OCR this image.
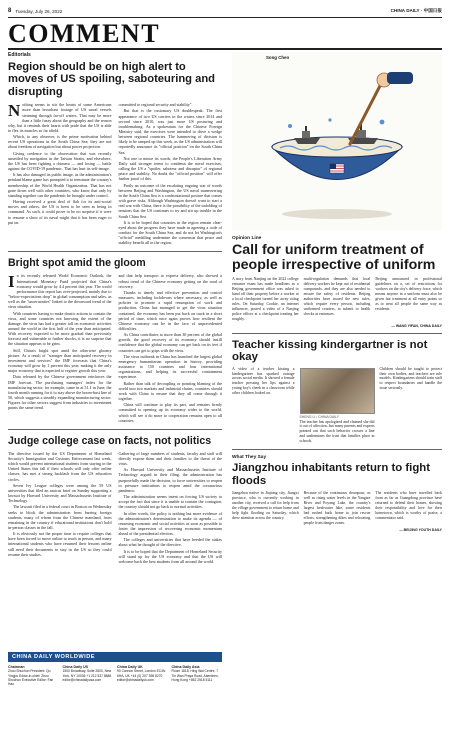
8 Tuesday, July 26, 2022	CHINA DAILY · 中国日报
COMMENT
Editorials
Region should be on high alert to moves of US spoiling, saboteuring and disrupting

Nothing seems to stir the hearts of some Americans more than broadcast footage of US naval vessels steaming through far-off waters. That may be more than a little fuzzy about the geography and the reason why, but it reminds their hearts with pride that the US is able to flex its muscles so far afield.

Which, to any observer, is the prime motivation behind recent US operations in the South China Sea; they are not about freedom of navigation but about power projection.

Giving credence to the observation that was recently unsettled by navigation in the Taiwan Straits, and elsewhere, the US has been fighting a chimera — and losing — battle against the COVID-19 pandemic. That has hurt its self-image.

It has also damaged its public image, as the administration's petulant blame game has prompted it to terminate the country's membership of the World Health Organization. That has not gone down well with other countries, who know that only by standing together can the pandemic be brought under control.

Having received a great deal of flak for its anti-social moves and others, the US is keen to be seen as being in command. As such, it could prove to be no surprise if it were to resume a show of its naval might that it has been eager to put on.

committed to regional security and stability".

But that is the customary US doublespeak. The first appearance of two US carriers in the waters since 2014 and second since 2010, was just more US posturing and troublemaking. As a spokesman for the Chinese Foreign Ministry said, the exercises were intended to drive a wedge between regional countries. The hammering of division is likely to be ramped up this week, as the US administration will reportedly announce its "official position" on the South China Sea.

Not one to mince its words, the People's Liberation Army Daily said stronger terms to condemn the naval exercises, calling the US a "spoiler, saboteur and disruptor" of regional peace and stability. No doubt the "official position" will offer further proof of this.

Partly an outcome of the escalating ongoing war of words between Beijing and Washington, the US naval maneuvering in the South China Sea is a confrontational posture that comes with grave risks. Although Washington doesn't want to start a real war with China, there is the possibility of the unfolding of tensions that the US continues to try and stir up trouble in the South China Sea.

It is to be hoped that countries in the region remain clear-eyed about the progress they have made in agreeing a code of conduct for the South China Sea, and do not let Washington's "official" meddling undermine the consensus that peace and stability benefit all in the region.

Bright spot amid the gloom

In its recently released World Economic Outlook, the International Monetary Fund projected that China's economy would grow by 4.4 percent this year. The world performance this report has over-projected, mainly due to "below-expectations drop" in global consumption and sales, as well as the "uncertainties" linked to the downward trend of the virus situation.

With countries having to make drastic actions to contain the virus, and some countries not knowing the extent of the damage, the virus has had a greater toll on economic activities around the world in the first half of the year than anticipated. With recovery expected to be more gradual than previously forecast and vulnerable to further shocks, it is no surprise that the situation appears to be grim.

Still, China's bright spot amid the otherwise gloomy picture. As a result of "stronger than anticipated recovery in investment and services" the IMF forecasts that China's economy will grow by 1 percent this year, making it the only major economy that is expected to register growth this year.

Data released by the Chinese government reinforces the IMF forecast. The purchasing managers' index for the manufacturing sector, for example, came in at 51.1 in June, the fourth month running for it to stay above the boom-bust line of 50, which suggests a steadily expanding manufacturing sector. Figures for other sectors suggest from industries to investment points the same trend.

and that help transport to express delivery, also showed a robust trend of the Chinese economy getting on the road of recovery.

Thanks to timely and effective prevention and control measures, including lockdowns where necessary, as well as policies to promote a rapid resumption of work and production, China has managed to get the virus situation contained, the economy has been put back on track in a short period of time, which once again proves how resilient the Chinese economy can be in the face of unprecedented difficulties.

As China contributes to more than 30 percent of the global growth, the good recovery of its economy should instill confidence that the global economy can get back on its feet if countries can get to grips with the virus.

The virus outbreak in China has launched the largest global emergency humanitarian operation in history, providing assistance to 150 countries and four international organizations, and helping its successful containment experience.

Rather than talk of decoupling or pointing blaming of the world into two markets and industrial chains, countries should work with China to ensure that they all come through it together.

China will continue to play its part, and remains firmly committed to opening up its economy wider to the world, which will see it do more to cooperation remains open to all countries.

Judge college case on facts, not politics

The directive issued by the US Department of Homeland Security's Immigration and Customs Enforcement last week, which would prevent international students from staying in the United States this fall if their schools will only offer online classes, has met a strong backlash from the US education circles.

Seven Ivy League colleges were among the 59 US universities that filed an amicus brief on Sunday supporting a lawsuit by Harvard University and Massachusetts Institute of Technology.

The lawsuit filed in a federal court in Boston on Wednesday seeks to block the administration from barring foreign students, many of whom from the Chinese mainland, from remaining in the country if educational institutions don't hold in-person classes in the fall.

It is obviously not the proper time to require colleges that have been forced to move online to teach in person, and many international students who have resumed their lessons online still need their documents to stay in the US so they could resume their studies.

Gathering of large numbers of students, faculty and staff will directly expose them and their families to the threat of the virus.

As Harvard University and Massachusetts Institute of Technology argued in their filing, the administration has purposefully made the decision, to force universities to reopen to pressure institutions to reopen amid the coronavirus pandemic.

The administration seems intent on forcing US society to accept the fact that since it is unable to contain the contagion, the country should not go back to normal activities.

In other words, the policy is nothing but more evidence of the administration's determination to make its agenda — of resuming economic and social activities as soon as possible to foster the impression of recovering economic momentum ahead of the presidential election.

The colleges and universities that have heeded the stakes about what he thought of the directive.

It is to be hoped that the Department of Homeland Security will stand up for the US economy and that the US will welcome back the best students from all around the world.

CHINA DAILY WORLDWIDE
Chairman
Zhou Shuchun President: Qu Yingpu Editor-in-chief: Zhou Shuchun Executive Editor: Fan Hao
China Daily US
1500 Broadway, Suite 2800, New York, NY 10036 +1 212 537 8888 editor@chinadailyusa.com
China Daily UK
90 Cannon Street, London EC4N 6HA, UK +44 (0) 207 398 8270 editor@chinadailyuk.com
China Daily Asia
Room 1818, Hing Wai Centre, 7 Tin Wan Praya Road, Aberdeen, Hong Kong +852 2518 5111
Song Chen
Opinion Line
Call for uniform treatment of people irrespective of uniform
A story from Nanjing on the 2022 college entrance exam has made headlines as a Beijing government office was asked to hand off their property before a worker at a local checkpoint turned her away citing rules. On Saturday, Cookie, an internet influencer, posted a video of a Nanjing police officer at a checkpoint treating her roughly.
multi-regulation demands that local delivery workers be kept out of residential compounds, and they are also needed to ensure the safety of residents. Beijing authorities have issued the new rules, which require every person, including uniformed couriers, to submit to health checks at entrances.
Beijing announced in professional guidelines on a, set of restrictions for workers on the city's delivery force, which means anyone in a uniform must also be given fair treatment at all entry points so as to treat all people the same way as residents.
— WANG YIFAN, CHINA DAILY
Teacher kissing kindergartner is not okay
A video of a teacher kissing a kindergartner has sparked outrage across social media. It showed a female teacher pressing her lips against a young boy's cheek in a classroom while other children looked on.
SHENG LI / CHINA DAILY
The teacher has apologized and claimed she did it out of affection, but many parents and experts pointed out that such behavior crosses a line and undermines the trust that families place in schools.
Children should be taught to protect their own bodies, and teachers are role models. Kindergartens should train staff to respect boundaries and handle the issue seriously.
What They Say
Jiangzhou inhabitants return to fight floods
Jiangzhou native in Jiujiang city, Jiangxi province, who is currently working in another city, received a call for help from the village government to return home and help fight flooding on Saturday, which drew attention across the country.
Because of the continuous downpour, as well as rising water levels in the Yangtze River and Poyang Lake, the country's largest freshwater lake, some residents had rushed back home to join rescue efforts, strengthening dikes and relocating people from danger zones.
The residents who have travelled back from as far as Guangdong province have returned to defend their homes, showing their responsibility and love for their hometown, which is worthy of praise, a commentator said.
— BEIJING YOUTH DAILY
